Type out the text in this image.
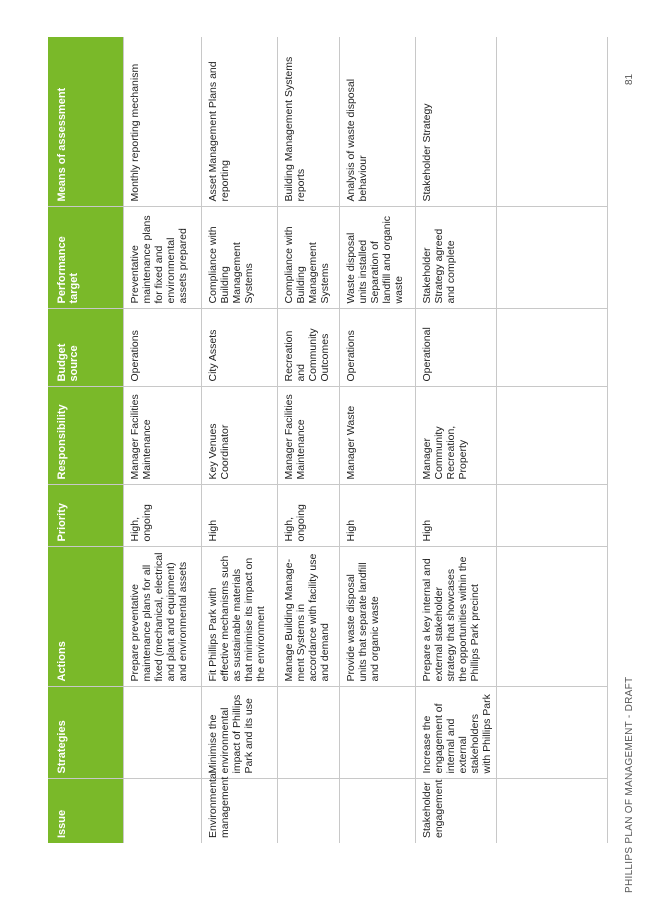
Issue	Strategies	Actions	Priority	Responsibility	Budget source	Performance target	Means of assessment
		Prepare preventative maintenance plans for all fixed (mechanical, electrical and plant and equipment) and environmental assets	High, ongoing	Manager Facilities Maintenance	Operations	Preventative maintenance plans for fixed and environmental assets prepared	Monthly reporting mechanism
Environmental management	Minimise the environmental impact of Phillips Park and its use	Fit Phillips Park with effective mechanisms such as sustainable materials that minimise its impact on the environment	High	Key Venues Coordinator	City Assets	Compliance with Building Management Systems	Asset Management Plans and reporting
		Manage Building Manage-ment Systems in accordance with facility use and demand	High, ongoing	Manager Facilities Maintenance	Recreation and Community Outcomes	Compliance with Building Management Systems	Building Management Systems reports
		Provide waste disposal units that separate landfill and organic waste	High	Manager Waste	Operations	Waste disposal units installed Separation of landfill and organic waste	Analysis of waste disposal behaviour
Stakeholder engagement	Increase the engagement of internal and external stakeholders with Phillips Park	Prepare a key internal and external stakeholder strategy that showcases the opportunities within the Phillips Park precinct	High	Manager Community Recreation, Property	Operational	Stakeholder Strategy agreed and complete	Stakeholder Strategy

PHILLIPS PLAN OF MANAGEMENT - DRAFT
81
